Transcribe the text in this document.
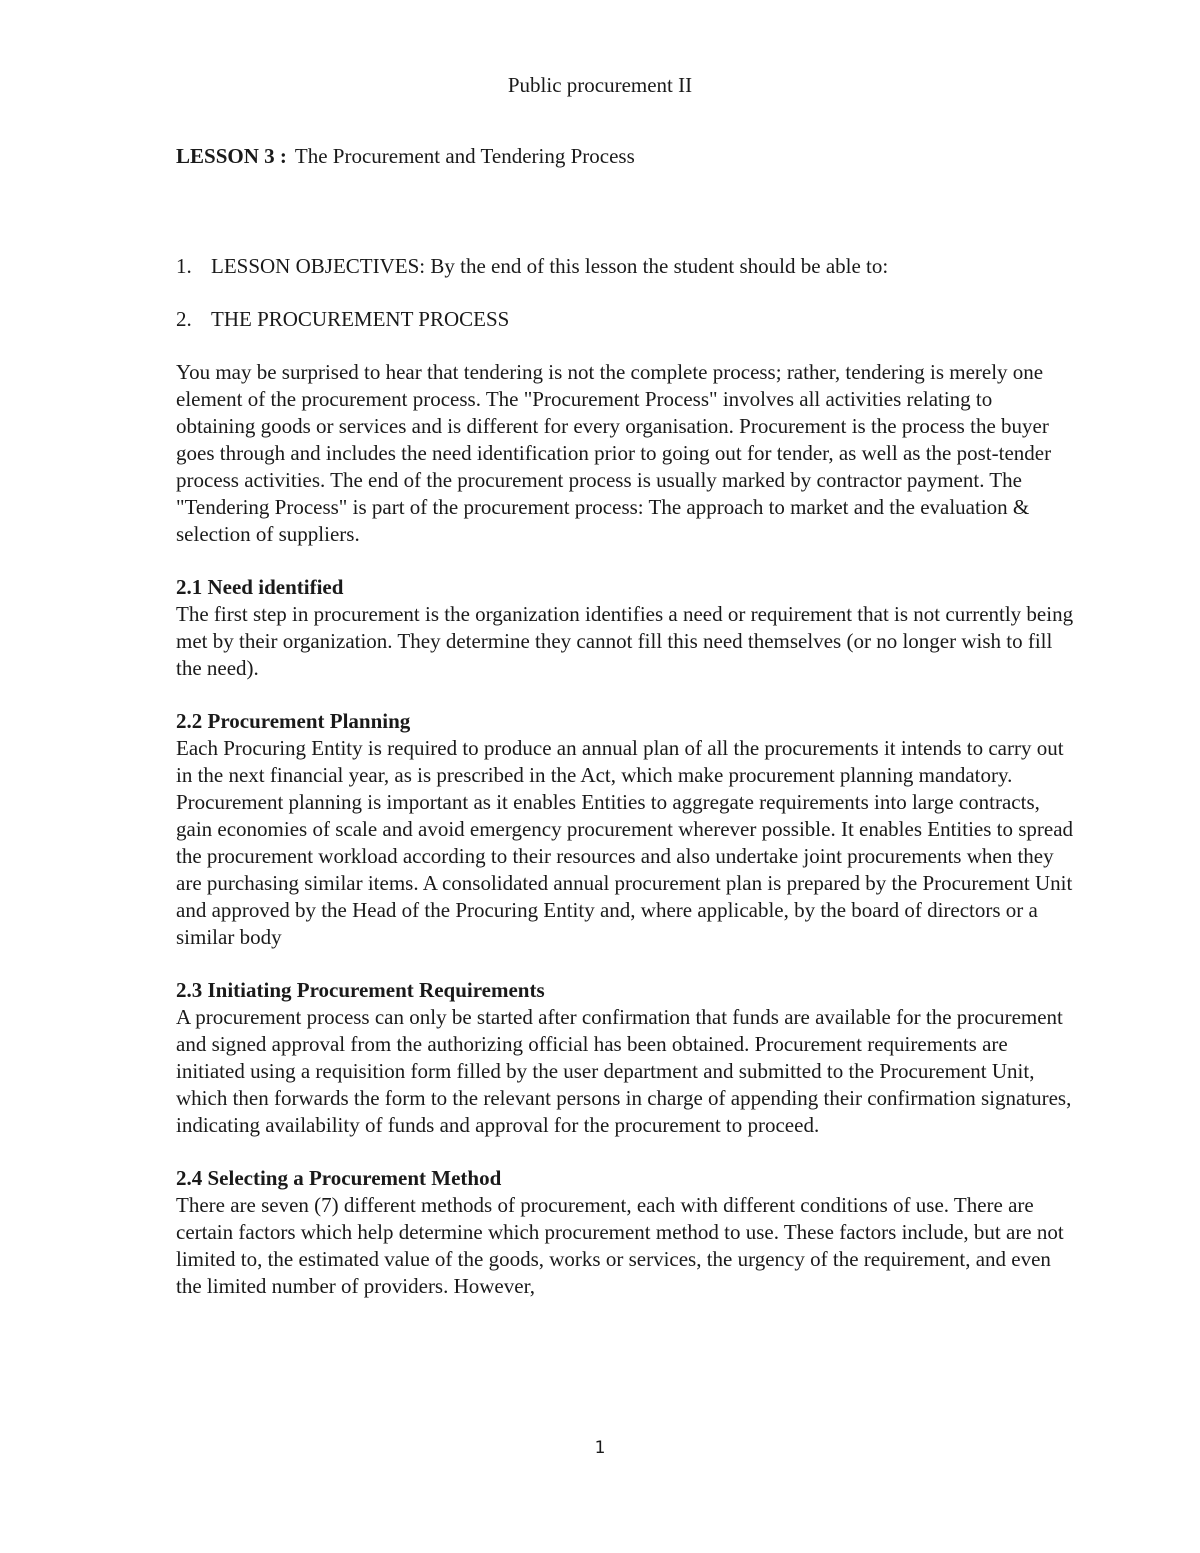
Public procurement II

LESSON 3 : The Procurement and Tendering Process

1. LESSON OBJECTIVES: By the end of this lesson the student should be able to:

2. THE PROCUREMENT PROCESS

You may be surprised to hear that tendering is not the complete process; rather, tendering is merely one element of the procurement process. The "Procurement Process" involves all activities relating to obtaining goods or services and is different for every organisation. Procurement is the process the buyer goes through and includes the need identification prior to going out for tender, as well as the post-tender process activities. The end of the procurement process is usually marked by contractor payment. The "Tendering Process" is part of the procurement process: The approach to market and the evaluation & selection of suppliers.

2.1 Need identified

The first step in procurement is the organization identifies a need or requirement that is not currently being met by their organization. They determine they cannot fill this need themselves (or no longer wish to fill the need).

2.2 Procurement Planning

Each Procuring Entity is required to produce an annual plan of all the procurements it intends to carry out in the next financial year, as is prescribed in the Act, which make procurement planning mandatory. Procurement planning is important as it enables Entities to aggregate requirements into large contracts, gain economies of scale and avoid emergency procurement wherever possible. It enables Entities to spread the procurement workload according to their resources and also undertake joint procurements when they are purchasing similar items. A consolidated annual procurement plan is prepared by the Procurement Unit and approved by the Head of the Procuring Entity and, where applicable, by the board of directors or a similar body

2.3 Initiating Procurement Requirements

A procurement process can only be started after confirmation that funds are available for the procurement and signed approval from the authorizing official has been obtained. Procurement requirements are initiated using a requisition form filled by the user department and submitted to the Procurement Unit, which then forwards the form to the relevant persons in charge of appending their confirmation signatures, indicating availability of funds and approval for the procurement to proceed.

2.4 Selecting a Procurement Method

There are seven (7) different methods of procurement, each with different conditions of use. There are certain factors which help determine which procurement method to use. These factors include, but are not limited to, the estimated value of the goods, works or services, the urgency of the requirement, and even the limited number of providers. However,

1
